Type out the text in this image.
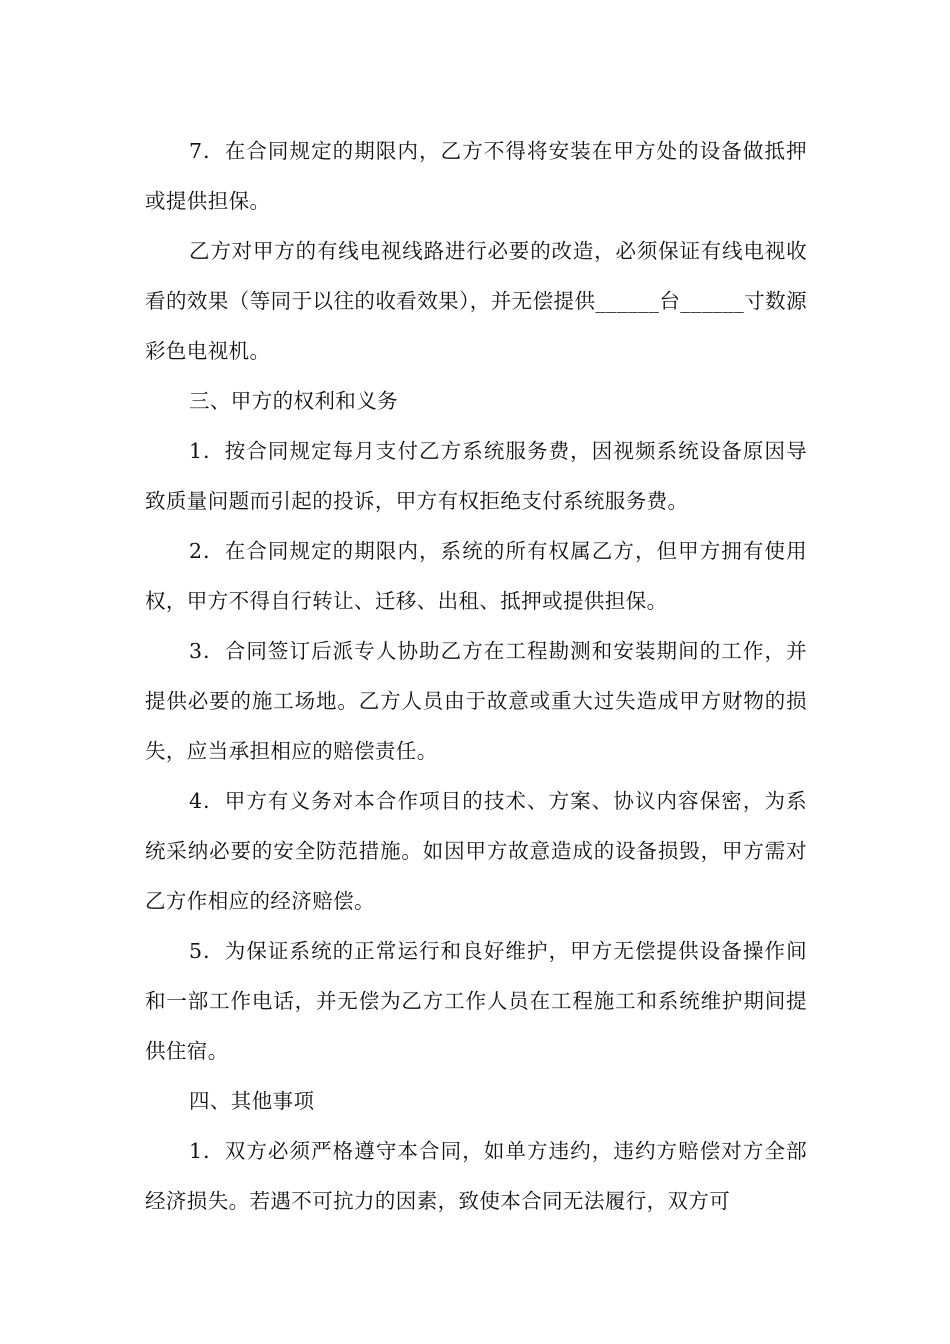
7．在合同规定的期限内，乙方不得将安装在甲方处的设备做抵押或提供担保。

乙方对甲方的有线电视线路进行必要的改造，必须保证有线电视收看的效果（等同于以往的收看效果），并无偿提供______台______寸数源彩色电视机。

三、甲方的权利和义务

1．按合同规定每月支付乙方系统服务费，因视频系统设备原因导致质量问题而引起的投诉，甲方有权拒绝支付系统服务费。

2．在合同规定的期限内，系统的所有权属乙方，但甲方拥有使用权，甲方不得自行转让、迁移、出租、抵押或提供担保。

3．合同签订后派专人协助乙方在工程勘测和安装期间的工作，并提供必要的施工场地。乙方人员由于故意或重大过失造成甲方财物的损失，应当承担相应的赔偿责任。

4．甲方有义务对本合作项目的技术、方案、协议内容保密，为系统采纳必要的安全防范措施。如因甲方故意造成的设备损毁，甲方需对乙方作相应的经济赔偿。

5．为保证系统的正常运行和良好维护，甲方无偿提供设备操作间和一部工作电话，并无偿为乙方工作人员在工程施工和系统维护期间提供住宿。

四、其他事项

1．双方必须严格遵守本合同，如单方违约，违约方赔偿对方全部经济损失。若遇不可抗力的因素，致使本合同无法履行，双方可
